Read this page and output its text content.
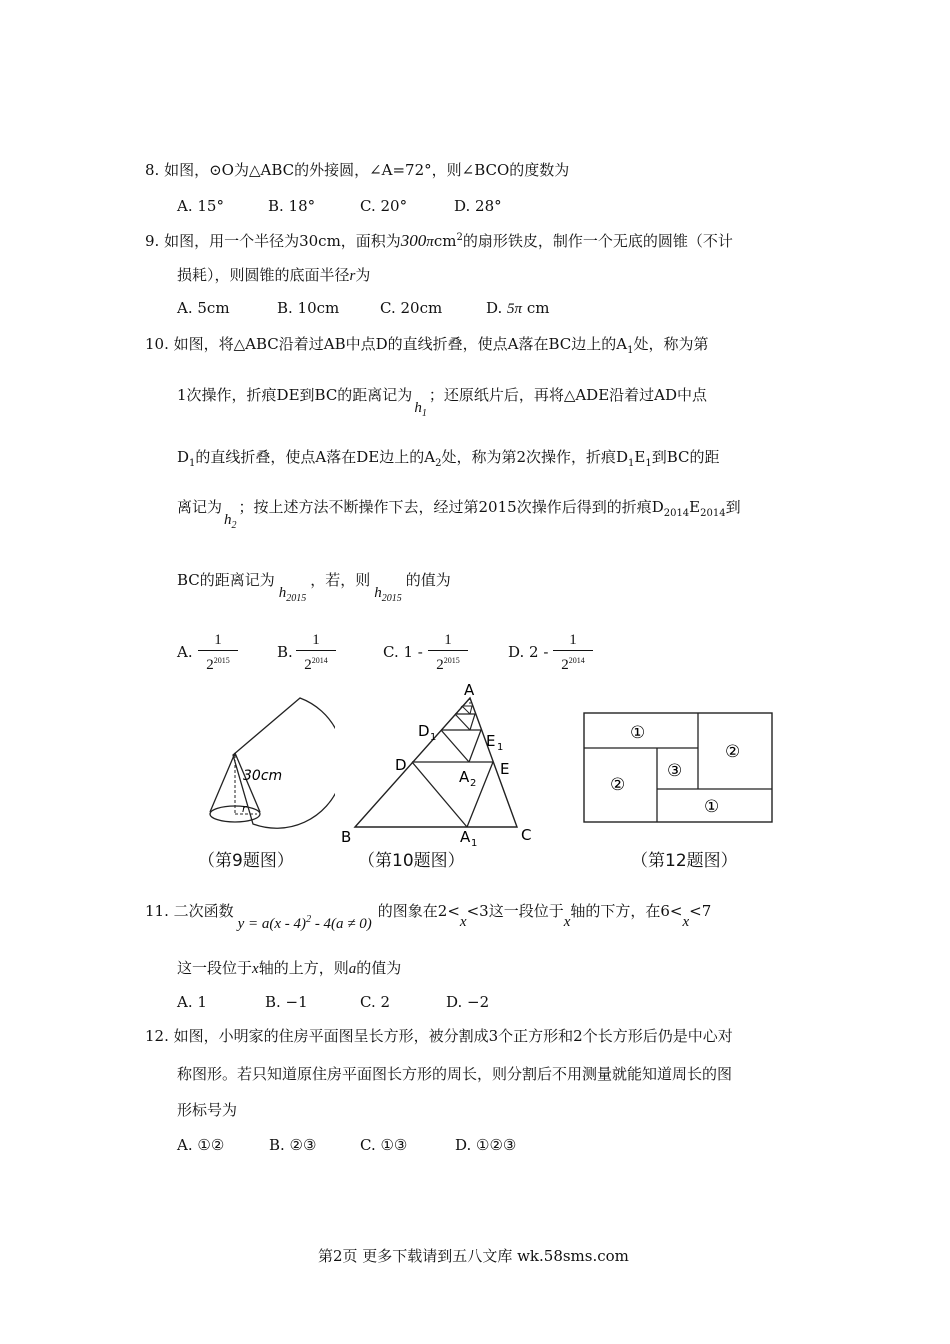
8. 如图，⊙O为△ABC的外接圆，∠A=72°，则∠BCO的度数为
A. 15°	B. 18°	C. 20°	D. 28°
9. 如图，用一个半径为30cm，面积为300πcm$^2$的扇形铁皮，制作一个无底的圆锥（不计
损耗），则圆锥的底面半径r为
A. 5cm	B. 10cm	C. 20cm	D. 5π cm
10. 如图，将△ABC沿着过AB中点D的直线折叠，使点A落在BC边上的$A_1$处，称为第
1次操作，折痕DE到BC的距离记为$h_1$；还原纸片后，再将△ADE沿着过AD中点
$D_1$的直线折叠，使点A落在DE边上的$A_2$处，称为第2次操作，折痕$D_1E_1$到BC的距
离记为$h_2$；按上述方法不断操作下去，经过第2015次操作后得到的折痕$D_{2014}E_{2014}$到
BC的距离记为$h_{2015}$，若，则$h_{2015}$的值为
A.
1
$2^{2015}$	B.
1
$2^{2014}$	C. 1 -
1
$2^{2015}$	D. 2 -
1
$2^{2014}$
30cm
r
（第9题图）
A
D 1	E 1
D	E
A 2
B	A 1	C
（第10题图）
①
②
③
②
①
（第12题图）
11. 二次函数y = a(x - 4)$^2$ - 4(a ≠ 0)的图象在2<x<3这一段位于x轴的下方，在6<x<7
这一段位于x轴的上方，则a的值为
A. 1	B. −1	C. 2	D. −2
12. 如图，小明家的住房平面图呈长方形，被分割成3个正方形和2个长方形后仍是中心对
称图形。若只知道原住房平面图长方形的周长，则分割后不用测量就能知道周长的图
形标号为
A. ①②	B. ②③	C. ①③	D. ①②③
第2页 更多下载请到五八文库 wk.58sms.com
